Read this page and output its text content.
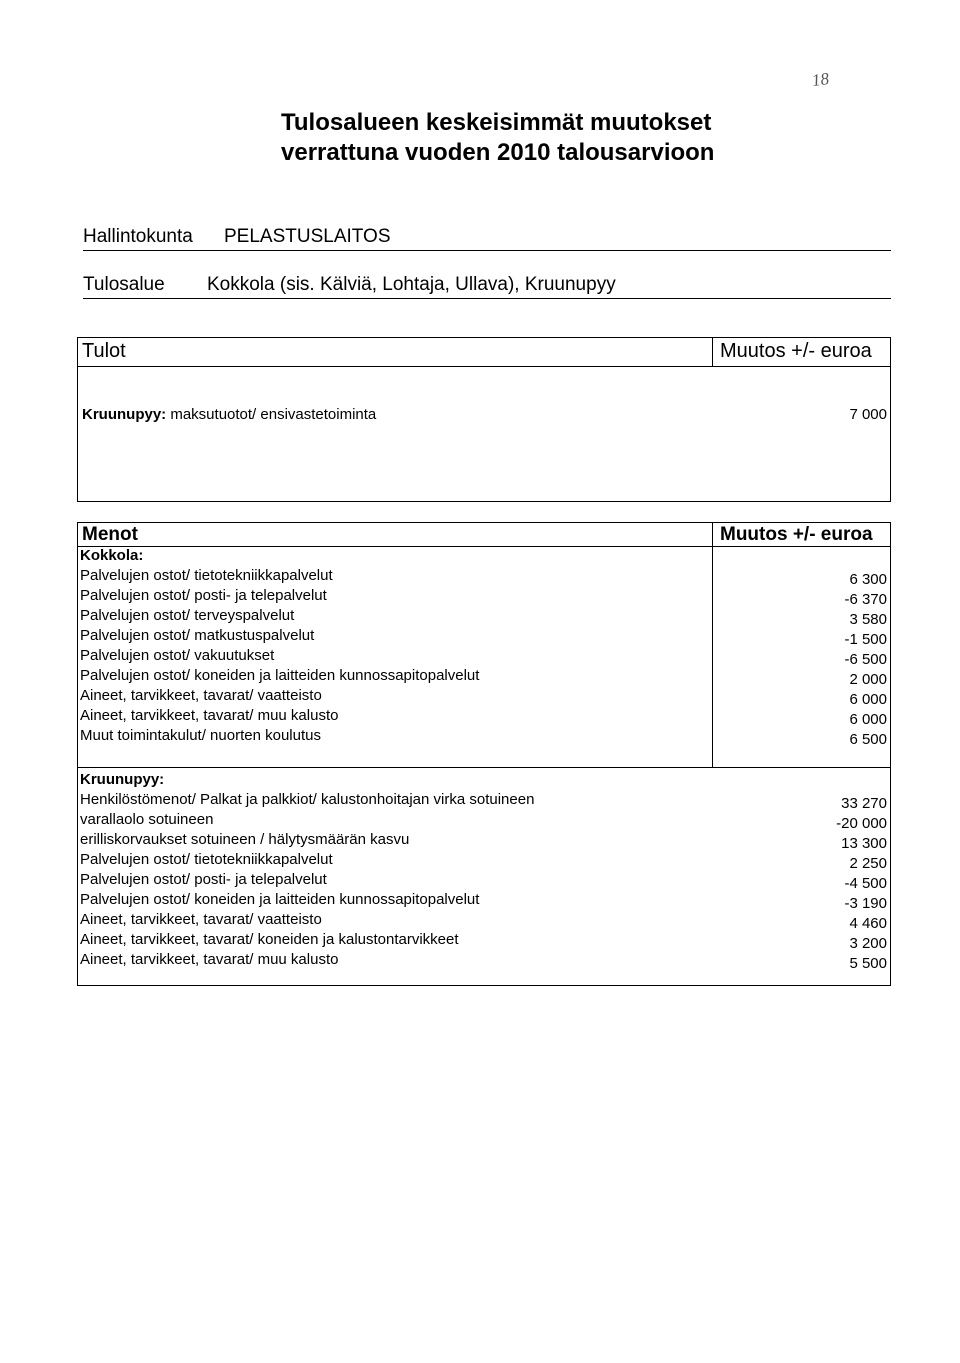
18
Tulosalueen keskeisimmät muutokset
verrattuna vuoden 2010 talousarvioon
Hallintokunta PELASTUSLAITOS
Tulosalue Kokkola (sis. Kälviä, Lohtaja, Ullava), Kruunupyy
Tulot	Muutos +/- euroa
Kruunupyy: maksutuotot/ ensivastetoiminta	7 000
Menot	Muutos +/- euroa
Kokkola:
Palvelujen ostot/ tietotekniikkapalvelut	6 300
Palvelujen ostot/ posti- ja telepalvelut	-6 370
Palvelujen ostot/ terveyspalvelut	3 580
Palvelujen ostot/ matkustuspalvelut	-1 500
Palvelujen ostot/ vakuutukset	-6 500
Palvelujen ostot/ koneiden ja laitteiden kunnossapitopalvelut	2 000
Aineet, tarvikkeet, tavarat/ vaatteisto	6 000
Aineet, tarvikkeet, tavarat/ muu kalusto	6 000
Muut toimintakulut/ nuorten koulutus	6 500
Kruunupyy:
Henkilöstömenot/ Palkat ja palkkiot/ kalustonhoitajan virka sotuineen	33 270
varallaolo sotuineen	-20 000
erilliskorvaukset sotuineen / hälytysmäärän kasvu	13 300
Palvelujen ostot/ tietotekniikkapalvelut	2 250
Palvelujen ostot/ posti- ja telepalvelut	-4 500
Palvelujen ostot/ koneiden ja laitteiden kunnossapitopalvelut	-3 190
Aineet, tarvikkeet, tavarat/ vaatteisto	4 460
Aineet, tarvikkeet, tavarat/ koneiden ja kalustontarvikkeet	3 200
Aineet, tarvikkeet, tavarat/ muu kalusto	5 500
